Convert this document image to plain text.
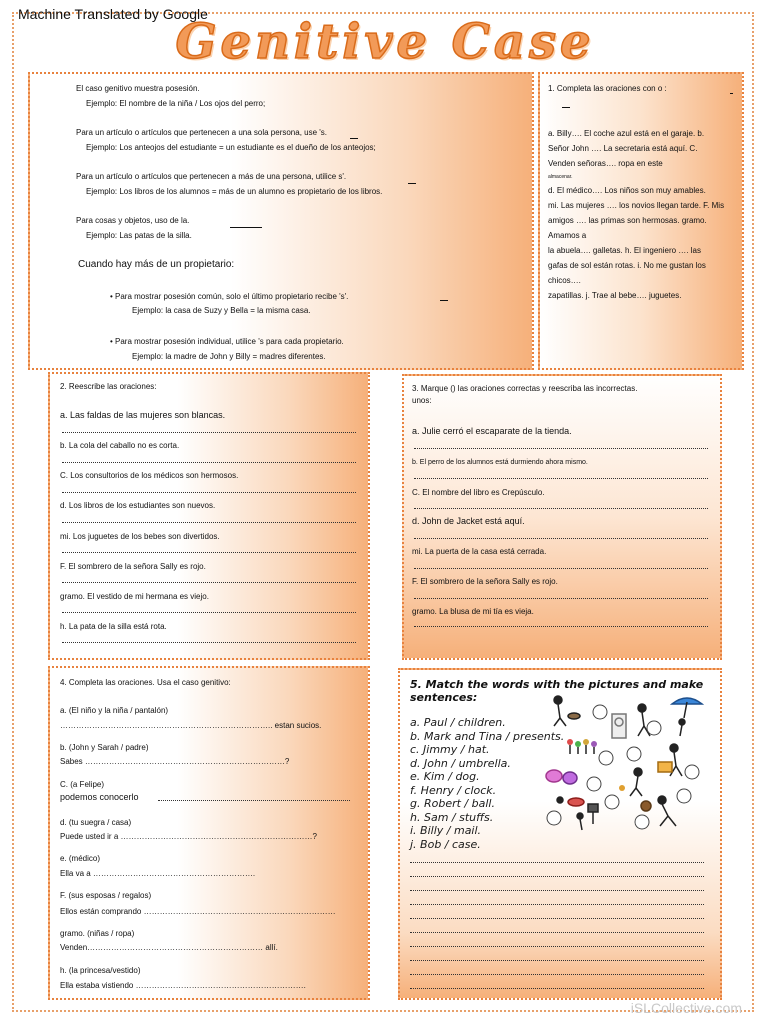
Machine Translated by Google
Genitive Case
El caso genitivo muestra posesión.
Ejemplo: El nombre de la niña / Los ojos del perro;
Para un artículo o artículos que pertenecen a una sola persona, use 's.
Ejemplo: Los anteojos del estudiante = un estudiante es el dueño de los anteojos;
Para un artículo o artículos que pertenecen a más de una persona, utilice s'.
Ejemplo: Los libros de los alumnos = más de un alumno es propietario de los libros.
Para cosas y objetos, uso de la.
Ejemplo: Las patas de la silla.
Cuando hay más de un propietario:
• Para mostrar posesión común, solo el último propietario recibe 's'.
Ejemplo: la casa de Suzy y Bella = la misma casa.
• Para mostrar posesión individual, utilice 's para cada propietario.
Ejemplo: la madre de John y Billy = madres diferentes.
1. Completa las oraciones con o :
a. Billy…. El coche azul está en el garaje. b.
Señor John …. La secretaria está aquí. C.
Venden señoras…. ropa en este
almacenar.
d. El médico…. Los niños son muy amables.
mi. Las mujeres …. los novios llegan tarde. F. Mis
amigos …. las primas son hermosas. gramo. Amamos a
la abuela…. galletas. h. El ingeniero …. las
gafas de sol están rotas. i. No me gustan los chicos….
zapatillas. j. Trae al bebe…. juguetes.
2. Reescribe las oraciones:
a. Las faldas de las mujeres son blancas.
b. La cola del caballo no es corta.
C. Los consultorios de los médicos son hermosos.
d. Los libros de los estudiantes son nuevos.
mi. Los juguetes de los bebes son divertidos.
F. El sombrero de la señora Sally es rojo.
gramo. El vestido de mi hermana es viejo.
h. La pata de la silla está rota.
3. Marque () las oraciones correctas y reescriba las incorrectas.
unos:
a. Julie cerró el escaparate de la tienda.
b. El perro de los alumnos está durmiendo ahora mismo.
C. El nombre del libro es Crepúsculo.
d. John de Jacket está aquí.
mi. La puerta de la casa está cerrada.
F. El sombrero de la señora Sally es rojo.
gramo. La blusa de mi tía es vieja.
4. Completa las oraciones. Usa el caso genitivo:
a. (El niño y la niña / pantalón)
…………………………………………………………………….. estan sucios.
b. (John y Sarah / padre)
Sabes …………………………………………………………………?
C. (a Felipe)
podemos conocerlo
d. (tu suegra / casa)
Puede usted ir a ………………………………………………………………?
e. (médico)
Ella va a …………………………………………………….
F. (sus esposas / regalos)
Ellos están comprando ………………………………………………………………
gramo. (niñas / ropa)
Venden………………………………………………………… allí.
h. (la princesa/vestido)
Ella estaba vistiendo ……………………………………………………….
5. Match the words with the pictures and make
sentences:
a. Paul / children.
b. Mark and Tina / presents.
c. Jimmy / hat.
d. John / umbrella.
e. Kim / dog.
f. Henry / clock.
g. Robert / ball.
h. Sam / stuffs.
i. Billy / mail.
j. Bob / case.
iSLCollective.com
